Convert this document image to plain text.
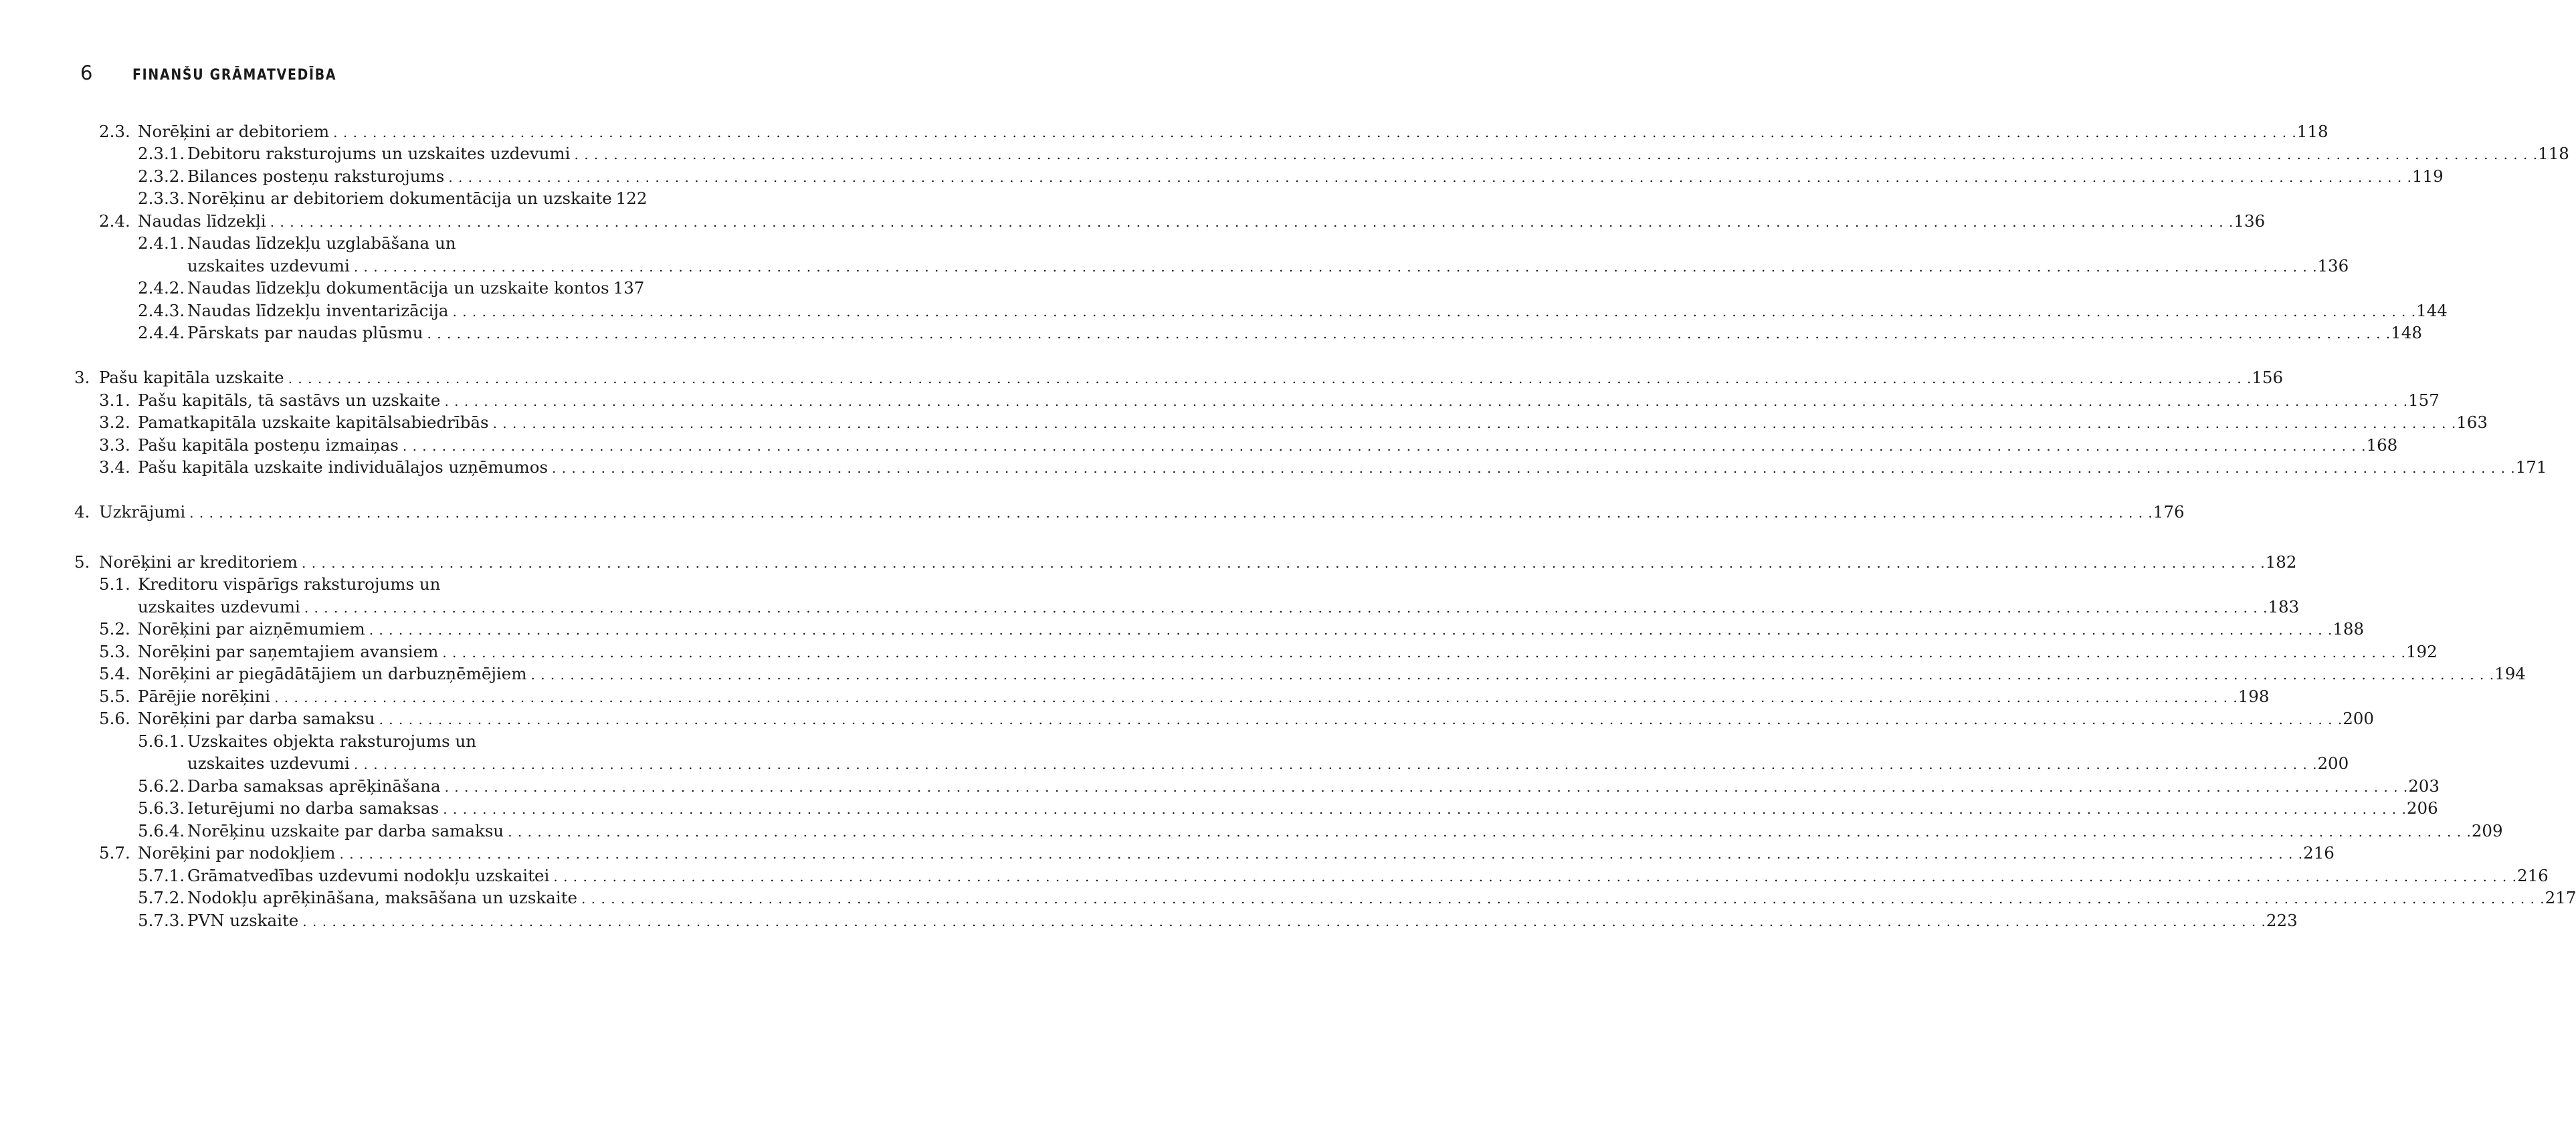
6	FINANŠU GRĀMATVEDĪBA
2.3. Norēķini ar debitoriem . . . . . . . . . . . . . . . . . . . . . . . . . . . . . . . . . . . . . . . . . . . . . . . . . . . . . . . . . . . . . . . . . . . . . . . . . . . . . . . . . . . . . . . . . . . . . . . . . . . . . . . . . . . . . . . . . . . . . . . . . . . . . . . . . . . . . . . . . . . . . . . . . . . . . . . . . . . . . . . . . . . . . . . . . . . . . . . . . . . . . . . . . . . . . . . . . . . . . . . . 118
2.3.1. Debitoru raksturojums un uzskaites uzdevumi . . . . . . . . . . . . . . . . . . . . . . . . . . . . . . . . . . . . . . . . . . . . . . . . . . . . . . . . . . . . . . . . . . . . . . . . . . . . . . . . . . . . . . . . . . . . . . . . . . . . . . . . . . . . . . . . . . . . . . . . . . . . . . . . . . . . . . . . . . . . . . . . . . . . . . . . . . . . . . . . . . . . . . . . . . . . . . . . . . . . . . . . . . . . . . . . . . . . . . . . 118
2.3.2. Bilances posteņu raksturojums . . . . . . . . . . . . . . . . . . . . . . . . . . . . . . . . . . . . . . . . . . . . . . . . . . . . . . . . . . . . . . . . . . . . . . . . . . . . . . . . . . . . . . . . . . . . . . . . . . . . . . . . . . . . . . . . . . . . . . . . . . . . . . . . . . . . . . . . . . . . . . . . . . . . . . . . . . . . . . . . . . . . . . . . . . . . . . . . . . . . . . . . . . . . . . . . . . . . . . . . 119
2.3.3. Norēķinu ar debitoriem dokumentācija un uzskaite 122
2.4. Naudas līdzekļi . . . . . . . . . . . . . . . . . . . . . . . . . . . . . . . . . . . . . . . . . . . . . . . . . . . . . . . . . . . . . . . . . . . . . . . . . . . . . . . . . . . . . . . . . . . . . . . . . . . . . . . . . . . . . . . . . . . . . . . . . . . . . . . . . . . . . . . . . . . . . . . . . . . . . . . . . . . . . . . . . . . . . . . . . . . . . . . . . . . . . . . . . . . . . . . . . . . . . . . . 136
2.4.1. Naudas līdzekļu uzglabāšana un
uzskaites uzdevumi . . . . . . . . . . . . . . . . . . . . . . . . . . . . . . . . . . . . . . . . . . . . . . . . . . . . . . . . . . . . . . . . . . . . . . . . . . . . . . . . . . . . . . . . . . . . . . . . . . . . . . . . . . . . . . . . . . . . . . . . . . . . . . . . . . . . . . . . . . . . . . . . . . . . . . . . . . . . . . . . . . . . . . . . . . . . . . . . . . . . . . . . . . . . . . . . . . . . . . . . 136
2.4.2. Naudas līdzekļu dokumentācija un uzskaite kontos 137
2.4.3. Naudas līdzekļu inventarizācija . . . . . . . . . . . . . . . . . . . . . . . . . . . . . . . . . . . . . . . . . . . . . . . . . . . . . . . . . . . . . . . . . . . . . . . . . . . . . . . . . . . . . . . . . . . . . . . . . . . . . . . . . . . . . . . . . . . . . . . . . . . . . . . . . . . . . . . . . . . . . . . . . . . . . . . . . . . . . . . . . . . . . . . . . . . . . . . . . . . . . . . . . . . . . . . . . . . . . . . . 144
2.4.4. Pārskats par naudas plūsmu . . . . . . . . . . . . . . . . . . . . . . . . . . . . . . . . . . . . . . . . . . . . . . . . . . . . . . . . . . . . . . . . . . . . . . . . . . . . . . . . . . . . . . . . . . . . . . . . . . . . . . . . . . . . . . . . . . . . . . . . . . . . . . . . . . . . . . . . . . . . . . . . . . . . . . . . . . . . . . . . . . . . . . . . . . . . . . . . . . . . . . . . . . . . . . . . . . . . . . . . 148
3. Pašu kapitāla uzskaite . . . . . . . . . . . . . . . . . . . . . . . . . . . . . . . . . . . . . . . . . . . . . . . . . . . . . . . . . . . . . . . . . . . . . . . . . . . . . . . . . . . . . . . . . . . . . . . . . . . . . . . . . . . . . . . . . . . . . . . . . . . . . . . . . . . . . . . . . . . . . . . . . . . . . . . . . . . . . . . . . . . . . . . . . . . . . . . . . . . . . . . . . . . . . . . . . . . . . . . . 156
3.1. Pašu kapitāls, tā sastāvs un uzskaite . . . . . . . . . . . . . . . . . . . . . . . . . . . . . . . . . . . . . . . . . . . . . . . . . . . . . . . . . . . . . . . . . . . . . . . . . . . . . . . . . . . . . . . . . . . . . . . . . . . . . . . . . . . . . . . . . . . . . . . . . . . . . . . . . . . . . . . . . . . . . . . . . . . . . . . . . . . . . . . . . . . . . . . . . . . . . . . . . . . . . . . . . . . . . . . . . . . . . . . . 157
3.2. Pamatkapitāla uzskaite kapitālsabiedrībās . . . . . . . . . . . . . . . . . . . . . . . . . . . . . . . . . . . . . . . . . . . . . . . . . . . . . . . . . . . . . . . . . . . . . . . . . . . . . . . . . . . . . . . . . . . . . . . . . . . . . . . . . . . . . . . . . . . . . . . . . . . . . . . . . . . . . . . . . . . . . . . . . . . . . . . . . . . . . . . . . . . . . . . . . . . . . . . . . . . . . . . . . . . . . . . . . . . . . . . . 163
3.3. Pašu kapitāla posteņu izmaiņas . . . . . . . . . . . . . . . . . . . . . . . . . . . . . . . . . . . . . . . . . . . . . . . . . . . . . . . . . . . . . . . . . . . . . . . . . . . . . . . . . . . . . . . . . . . . . . . . . . . . . . . . . . . . . . . . . . . . . . . . . . . . . . . . . . . . . . . . . . . . . . . . . . . . . . . . . . . . . . . . . . . . . . . . . . . . . . . . . . . . . . . . . . . . . . . . . . . . . . . . 168
3.4. Pašu kapitāla uzskaite individuālajos uzņēmumos . . . . . . . . . . . . . . . . . . . . . . . . . . . . . . . . . . . . . . . . . . . . . . . . . . . . . . . . . . . . . . . . . . . . . . . . . . . . . . . . . . . . . . . . . . . . . . . . . . . . . . . . . . . . . . . . . . . . . . . . . . . . . . . . . . . . . . . . . . . . . . . . . . . . . . . . . . . . . . . . . . . . . . . . . . . . . . . . . . . . . . . . . . . . . . . . . . . . . . . . 171
4. Uzkrājumi . . . . . . . . . . . . . . . . . . . . . . . . . . . . . . . . . . . . . . . . . . . . . . . . . . . . . . . . . . . . . . . . . . . . . . . . . . . . . . . . . . . . . . . . . . . . . . . . . . . . . . . . . . . . . . . . . . . . . . . . . . . . . . . . . . . . . . . . . . . . . . . . . . . . . . . . . . . . . . . . . . . . . . . . . . . . . . . . . . . . . . . . . . . . . . . . . . . . . . . . 176
5. Norēķini ar kreditoriem . . . . . . . . . . . . . . . . . . . . . . . . . . . . . . . . . . . . . . . . . . . . . . . . . . . . . . . . . . . . . . . . . . . . . . . . . . . . . . . . . . . . . . . . . . . . . . . . . . . . . . . . . . . . . . . . . . . . . . . . . . . . . . . . . . . . . . . . . . . . . . . . . . . . . . . . . . . . . . . . . . . . . . . . . . . . . . . . . . . . . . . . . . . . . . . . . . . . . . . . 182
5.1. Kreditoru vispārīgs raksturojums un
uzskaites uzdevumi . . . . . . . . . . . . . . . . . . . . . . . . . . . . . . . . . . . . . . . . . . . . . . . . . . . . . . . . . . . . . . . . . . . . . . . . . . . . . . . . . . . . . . . . . . . . . . . . . . . . . . . . . . . . . . . . . . . . . . . . . . . . . . . . . . . . . . . . . . . . . . . . . . . . . . . . . . . . . . . . . . . . . . . . . . . . . . . . . . . . . . . . . . . . . . . . . . . . . . . . 183
5.2. Norēķini par aizņēmumiem . . . . . . . . . . . . . . . . . . . . . . . . . . . . . . . . . . . . . . . . . . . . . . . . . . . . . . . . . . . . . . . . . . . . . . . . . . . . . . . . . . . . . . . . . . . . . . . . . . . . . . . . . . . . . . . . . . . . . . . . . . . . . . . . . . . . . . . . . . . . . . . . . . . . . . . . . . . . . . . . . . . . . . . . . . . . . . . . . . . . . . . . . . . . . . . . . . . . . . . . 188
5.3. Norēķini par saņemtajiem avansiem . . . . . . . . . . . . . . . . . . . . . . . . . . . . . . . . . . . . . . . . . . . . . . . . . . . . . . . . . . . . . . . . . . . . . . . . . . . . . . . . . . . . . . . . . . . . . . . . . . . . . . . . . . . . . . . . . . . . . . . . . . . . . . . . . . . . . . . . . . . . . . . . . . . . . . . . . . . . . . . . . . . . . . . . . . . . . . . . . . . . . . . . . . . . . . . . . . . . . . . . 192
5.4. Norēķini ar piegādātājiem un darbuzņēmējiem . . . . . . . . . . . . . . . . . . . . . . . . . . . . . . . . . . . . . . . . . . . . . . . . . . . . . . . . . . . . . . . . . . . . . . . . . . . . . . . . . . . . . . . . . . . . . . . . . . . . . . . . . . . . . . . . . . . . . . . . . . . . . . . . . . . . . . . . . . . . . . . . . . . . . . . . . . . . . . . . . . . . . . . . . . . . . . . . . . . . . . . . . . . . . . . . . . . . . . . . 194
5.5. Pārējie norēķini . . . . . . . . . . . . . . . . . . . . . . . . . . . . . . . . . . . . . . . . . . . . . . . . . . . . . . . . . . . . . . . . . . . . . . . . . . . . . . . . . . . . . . . . . . . . . . . . . . . . . . . . . . . . . . . . . . . . . . . . . . . . . . . . . . . . . . . . . . . . . . . . . . . . . . . . . . . . . . . . . . . . . . . . . . . . . . . . . . . . . . . . . . . . . . . . . . . . . . . . 198
5.6. Norēķini par darba samaksu . . . . . . . . . . . . . . . . . . . . . . . . . . . . . . . . . . . . . . . . . . . . . . . . . . . . . . . . . . . . . . . . . . . . . . . . . . . . . . . . . . . . . . . . . . . . . . . . . . . . . . . . . . . . . . . . . . . . . . . . . . . . . . . . . . . . . . . . . . . . . . . . . . . . . . . . . . . . . . . . . . . . . . . . . . . . . . . . . . . . . . . . . . . . . . . . . . . . . . . . 200
5.6.1. Uzskaites objekta raksturojums un
uzskaites uzdevumi . . . . . . . . . . . . . . . . . . . . . . . . . . . . . . . . . . . . . . . . . . . . . . . . . . . . . . . . . . . . . . . . . . . . . . . . . . . . . . . . . . . . . . . . . . . . . . . . . . . . . . . . . . . . . . . . . . . . . . . . . . . . . . . . . . . . . . . . . . . . . . . . . . . . . . . . . . . . . . . . . . . . . . . . . . . . . . . . . . . . . . . . . . . . . . . . . . . . . . . . 200
5.6.2. Darba samaksas aprēķināšana . . . . . . . . . . . . . . . . . . . . . . . . . . . . . . . . . . . . . . . . . . . . . . . . . . . . . . . . . . . . . . . . . . . . . . . . . . . . . . . . . . . . . . . . . . . . . . . . . . . . . . . . . . . . . . . . . . . . . . . . . . . . . . . . . . . . . . . . . . . . . . . . . . . . . . . . . . . . . . . . . . . . . . . . . . . . . . . . . . . . . . . . . . . . . . . . . . . . . . . . 203
5.6.3. Ieturējumi no darba samaksas . . . . . . . . . . . . . . . . . . . . . . . . . . . . . . . . . . . . . . . . . . . . . . . . . . . . . . . . . . . . . . . . . . . . . . . . . . . . . . . . . . . . . . . . . . . . . . . . . . . . . . . . . . . . . . . . . . . . . . . . . . . . . . . . . . . . . . . . . . . . . . . . . . . . . . . . . . . . . . . . . . . . . . . . . . . . . . . . . . . . . . . . . . . . . . . . . . . . . . . . 206
5.6.4. Norēķinu uzskaite par darba samaksu . . . . . . . . . . . . . . . . . . . . . . . . . . . . . . . . . . . . . . . . . . . . . . . . . . . . . . . . . . . . . . . . . . . . . . . . . . . . . . . . . . . . . . . . . . . . . . . . . . . . . . . . . . . . . . . . . . . . . . . . . . . . . . . . . . . . . . . . . . . . . . . . . . . . . . . . . . . . . . . . . . . . . . . . . . . . . . . . . . . . . . . . . . . . . . . . . . . . . . . . 209
5.7. Norēķini par nodokļiem . . . . . . . . . . . . . . . . . . . . . . . . . . . . . . . . . . . . . . . . . . . . . . . . . . . . . . . . . . . . . . . . . . . . . . . . . . . . . . . . . . . . . . . . . . . . . . . . . . . . . . . . . . . . . . . . . . . . . . . . . . . . . . . . . . . . . . . . . . . . . . . . . . . . . . . . . . . . . . . . . . . . . . . . . . . . . . . . . . . . . . . . . . . . . . . . . . . . . . . . 216
5.7.1. Grāmatvedības uzdevumi nodokļu uzskaitei . . . . . . . . . . . . . . . . . . . . . . . . . . . . . . . . . . . . . . . . . . . . . . . . . . . . . . . . . . . . . . . . . . . . . . . . . . . . . . . . . . . . . . . . . . . . . . . . . . . . . . . . . . . . . . . . . . . . . . . . . . . . . . . . . . . . . . . . . . . . . . . . . . . . . . . . . . . . . . . . . . . . . . . . . . . . . . . . . . . . . . . . . . . . . . . . . . . . . . . . 216
5.7.2. Nodokļu aprēķināšana, maksāšana un uzskaite . . . . . . . . . . . . . . . . . . . . . . . . . . . . . . . . . . . . . . . . . . . . . . . . . . . . . . . . . . . . . . . . . . . . . . . . . . . . . . . . . . . . . . . . . . . . . . . . . . . . . . . . . . . . . . . . . . . . . . . . . . . . . . . . . . . . . . . . . . . . . . . . . . . . . . . . . . . . . . . . . . . . . . . . . . . . . . . . . . . . . . . . . . . . . . . . . . . . . . . . 217
5.7.3. PVN uzskaite . . . . . . . . . . . . . . . . . . . . . . . . . . . . . . . . . . . . . . . . . . . . . . . . . . . . . . . . . . . . . . . . . . . . . . . . . . . . . . . . . . . . . . . . . . . . . . . . . . . . . . . . . . . . . . . . . . . . . . . . . . . . . . . . . . . . . . . . . . . . . . . . . . . . . . . . . . . . . . . . . . . . . . . . . . . . . . . . . . . . . . . . . . . . . . . . . . . . . . . . 223
